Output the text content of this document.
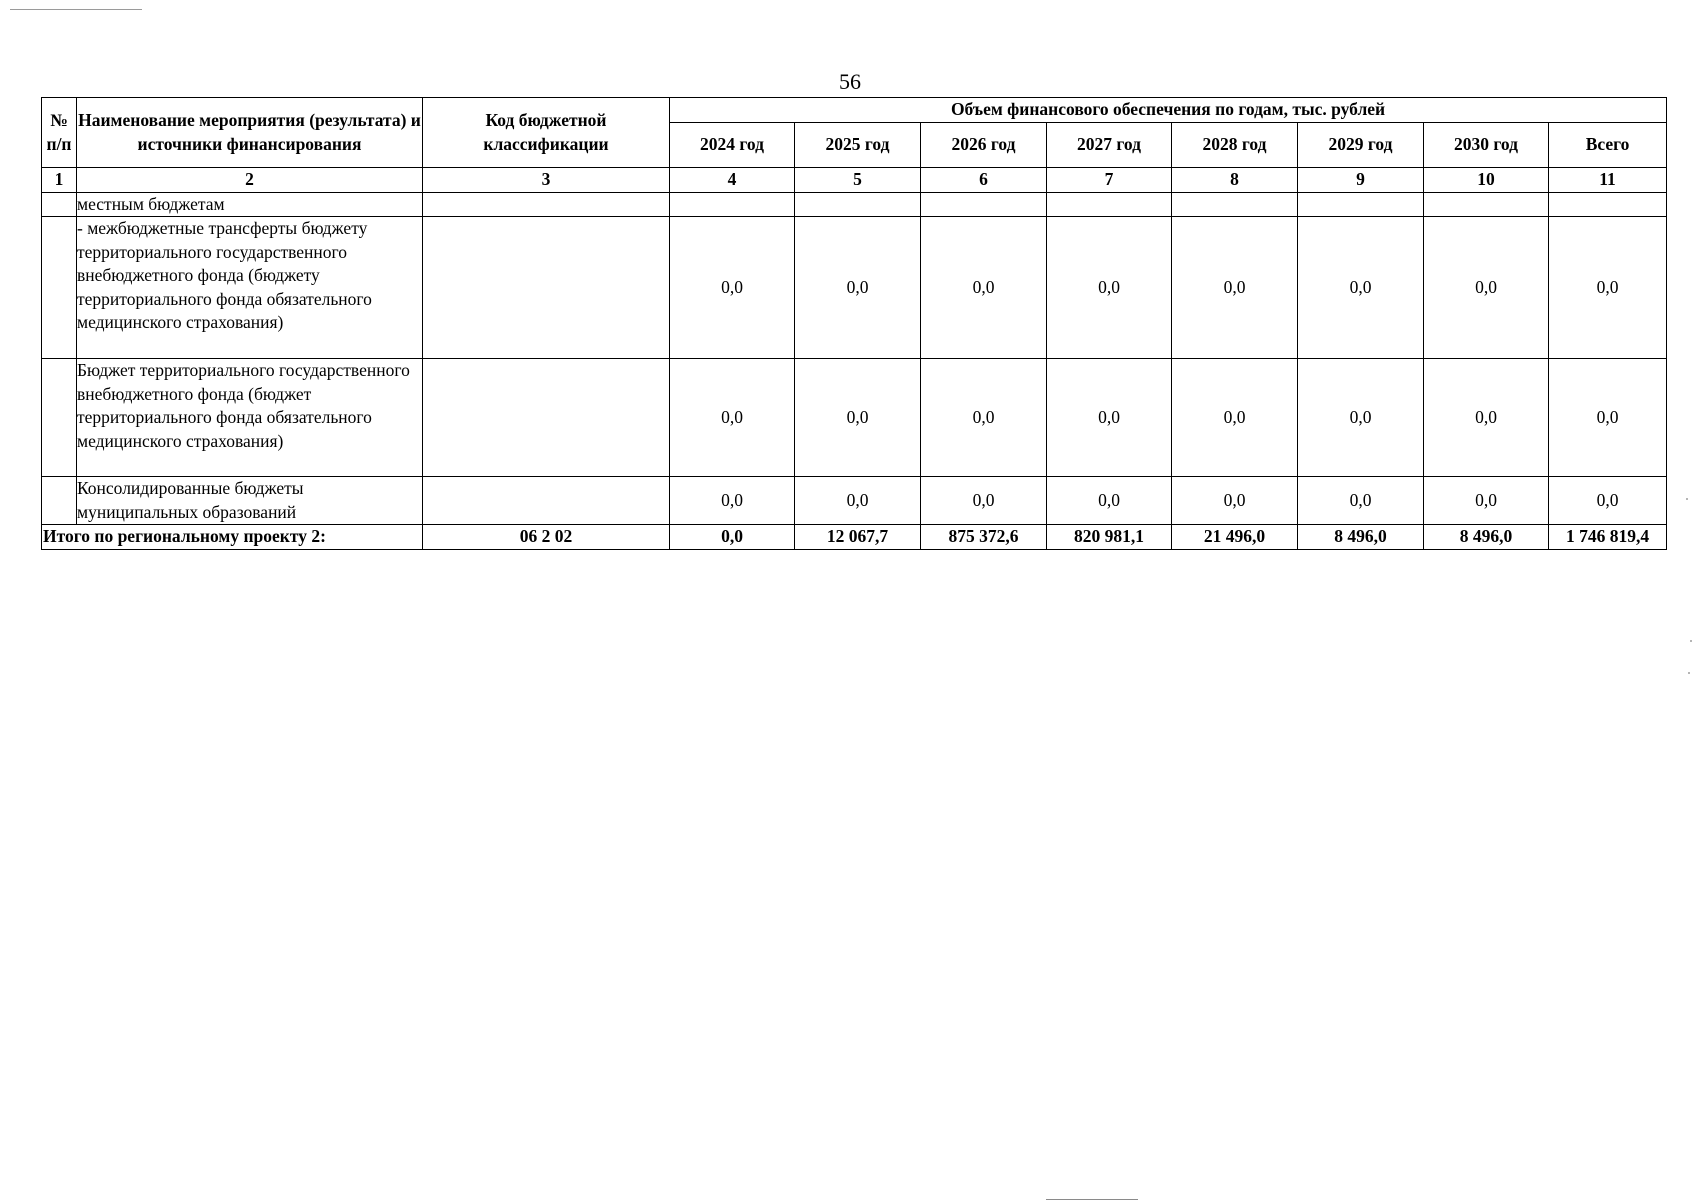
56
№ п/п	Наименование мероприятия (результата) и источники финансирования	Код бюджетной классификации	Объем финансового обеспечения по годам, тыс. рублей							
			2024 год	2025 год	2026 год	2027 год	2028 год	2029 год	2030 год	Всего
1	2	3	4	5	6	7	8	9	10	11
	местным бюджетам									
	- межбюджетные трансферты бюджету территориального государственного внебюджетного фонда (бюджету территориального фонда обязательного медицинского страхования)		0,0	0,0	0,0	0,0	0,0	0,0	0,0	0,0
	Бюджет территориального государственного внебюджетного фонда (бюджет территориального фонда обязательного медицинского страхования)		0,0	0,0	0,0	0,0	0,0	0,0	0,0	0,0
	Консолидированные бюджеты муниципальных образований		0,0	0,0	0,0	0,0	0,0	0,0	0,0	0,0
Итого по региональному проекту 2:		06 2 02	0,0	12 067,7	875 372,6	820 981,1	21 496,0	8 496,0	8 496,0	1 746 819,4
